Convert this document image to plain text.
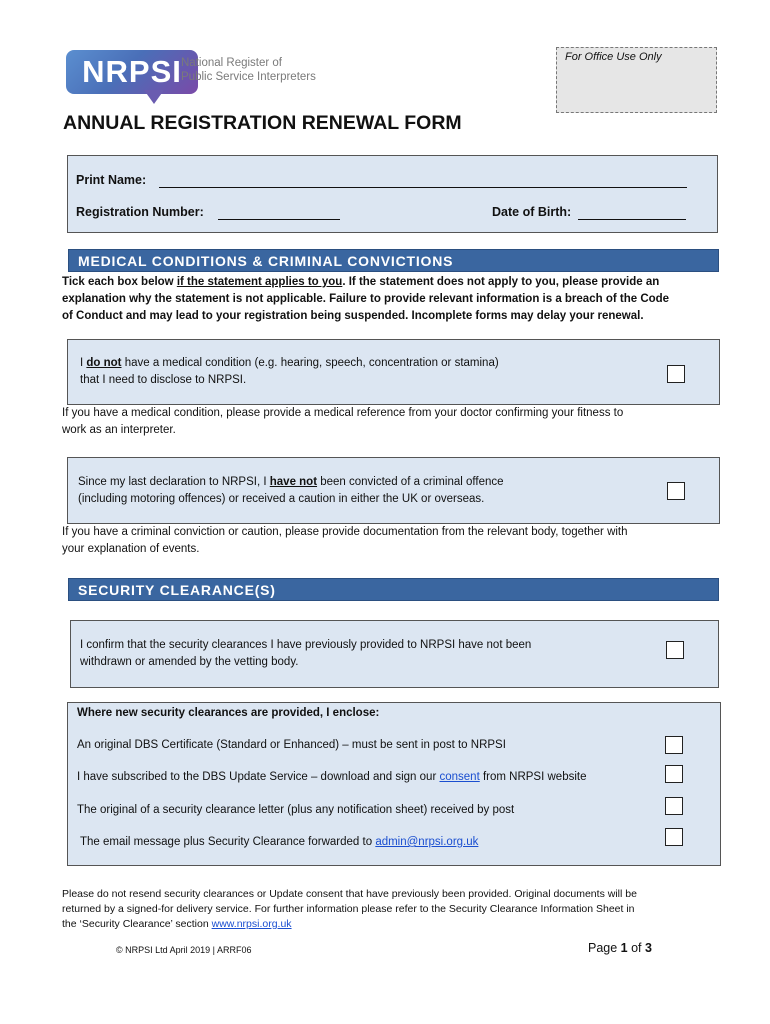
NRPSI National Register of
Public Service Interpreters
For Office Use Only
ANNUAL REGISTRATION RENEWAL FORM
Print Name:
Registration Number:	Date of Birth:
MEDICAL CONDITIONS & CRIMINAL CONVICTIONS
Tick each box below if the statement applies to you. If the statement does not apply to you, please provide an
explanation why the statement is not applicable. Failure to provide relevant information is a breach of the Code
of Conduct and may lead to your registration being suspended. Incomplete forms may delay your renewal.
I do not have a medical condition (e.g. hearing, speech, concentration or stamina)
that I need to disclose to NRPSI.
If you have a medical condition, please provide a medical reference from your doctor confirming your fitness to
work as an interpreter.
Since my last declaration to NRPSI, I have not been convicted of a criminal offence
(including motoring offences) or received a caution in either the UK or overseas.
If you have a criminal conviction or caution, please provide documentation from the relevant body, together with
your explanation of events.
SECURITY CLEARANCE(S)
I confirm that the security clearances I have previously provided to NRPSI have not been
withdrawn or amended by the vetting body.
Where new security clearances are provided, I enclose:
An original DBS Certificate (Standard or Enhanced) – must be sent in post to NRPSI
I have subscribed to the DBS Update Service – download and sign our consent from NRPSI website
The original of a security clearance letter (plus any notification sheet) received by post
The email message plus Security Clearance forwarded to admin@nrpsi.org.uk
Please do not resend security clearances or Update consent that have previously been provided. Original documents will be
returned by a signed-for delivery service. For further information please refer to the Security Clearance Information Sheet in
the ‘Security Clearance’ section www.nrpsi.org.uk
© NRPSI Ltd April 2019 | ARRF06	Page 1 of 3
